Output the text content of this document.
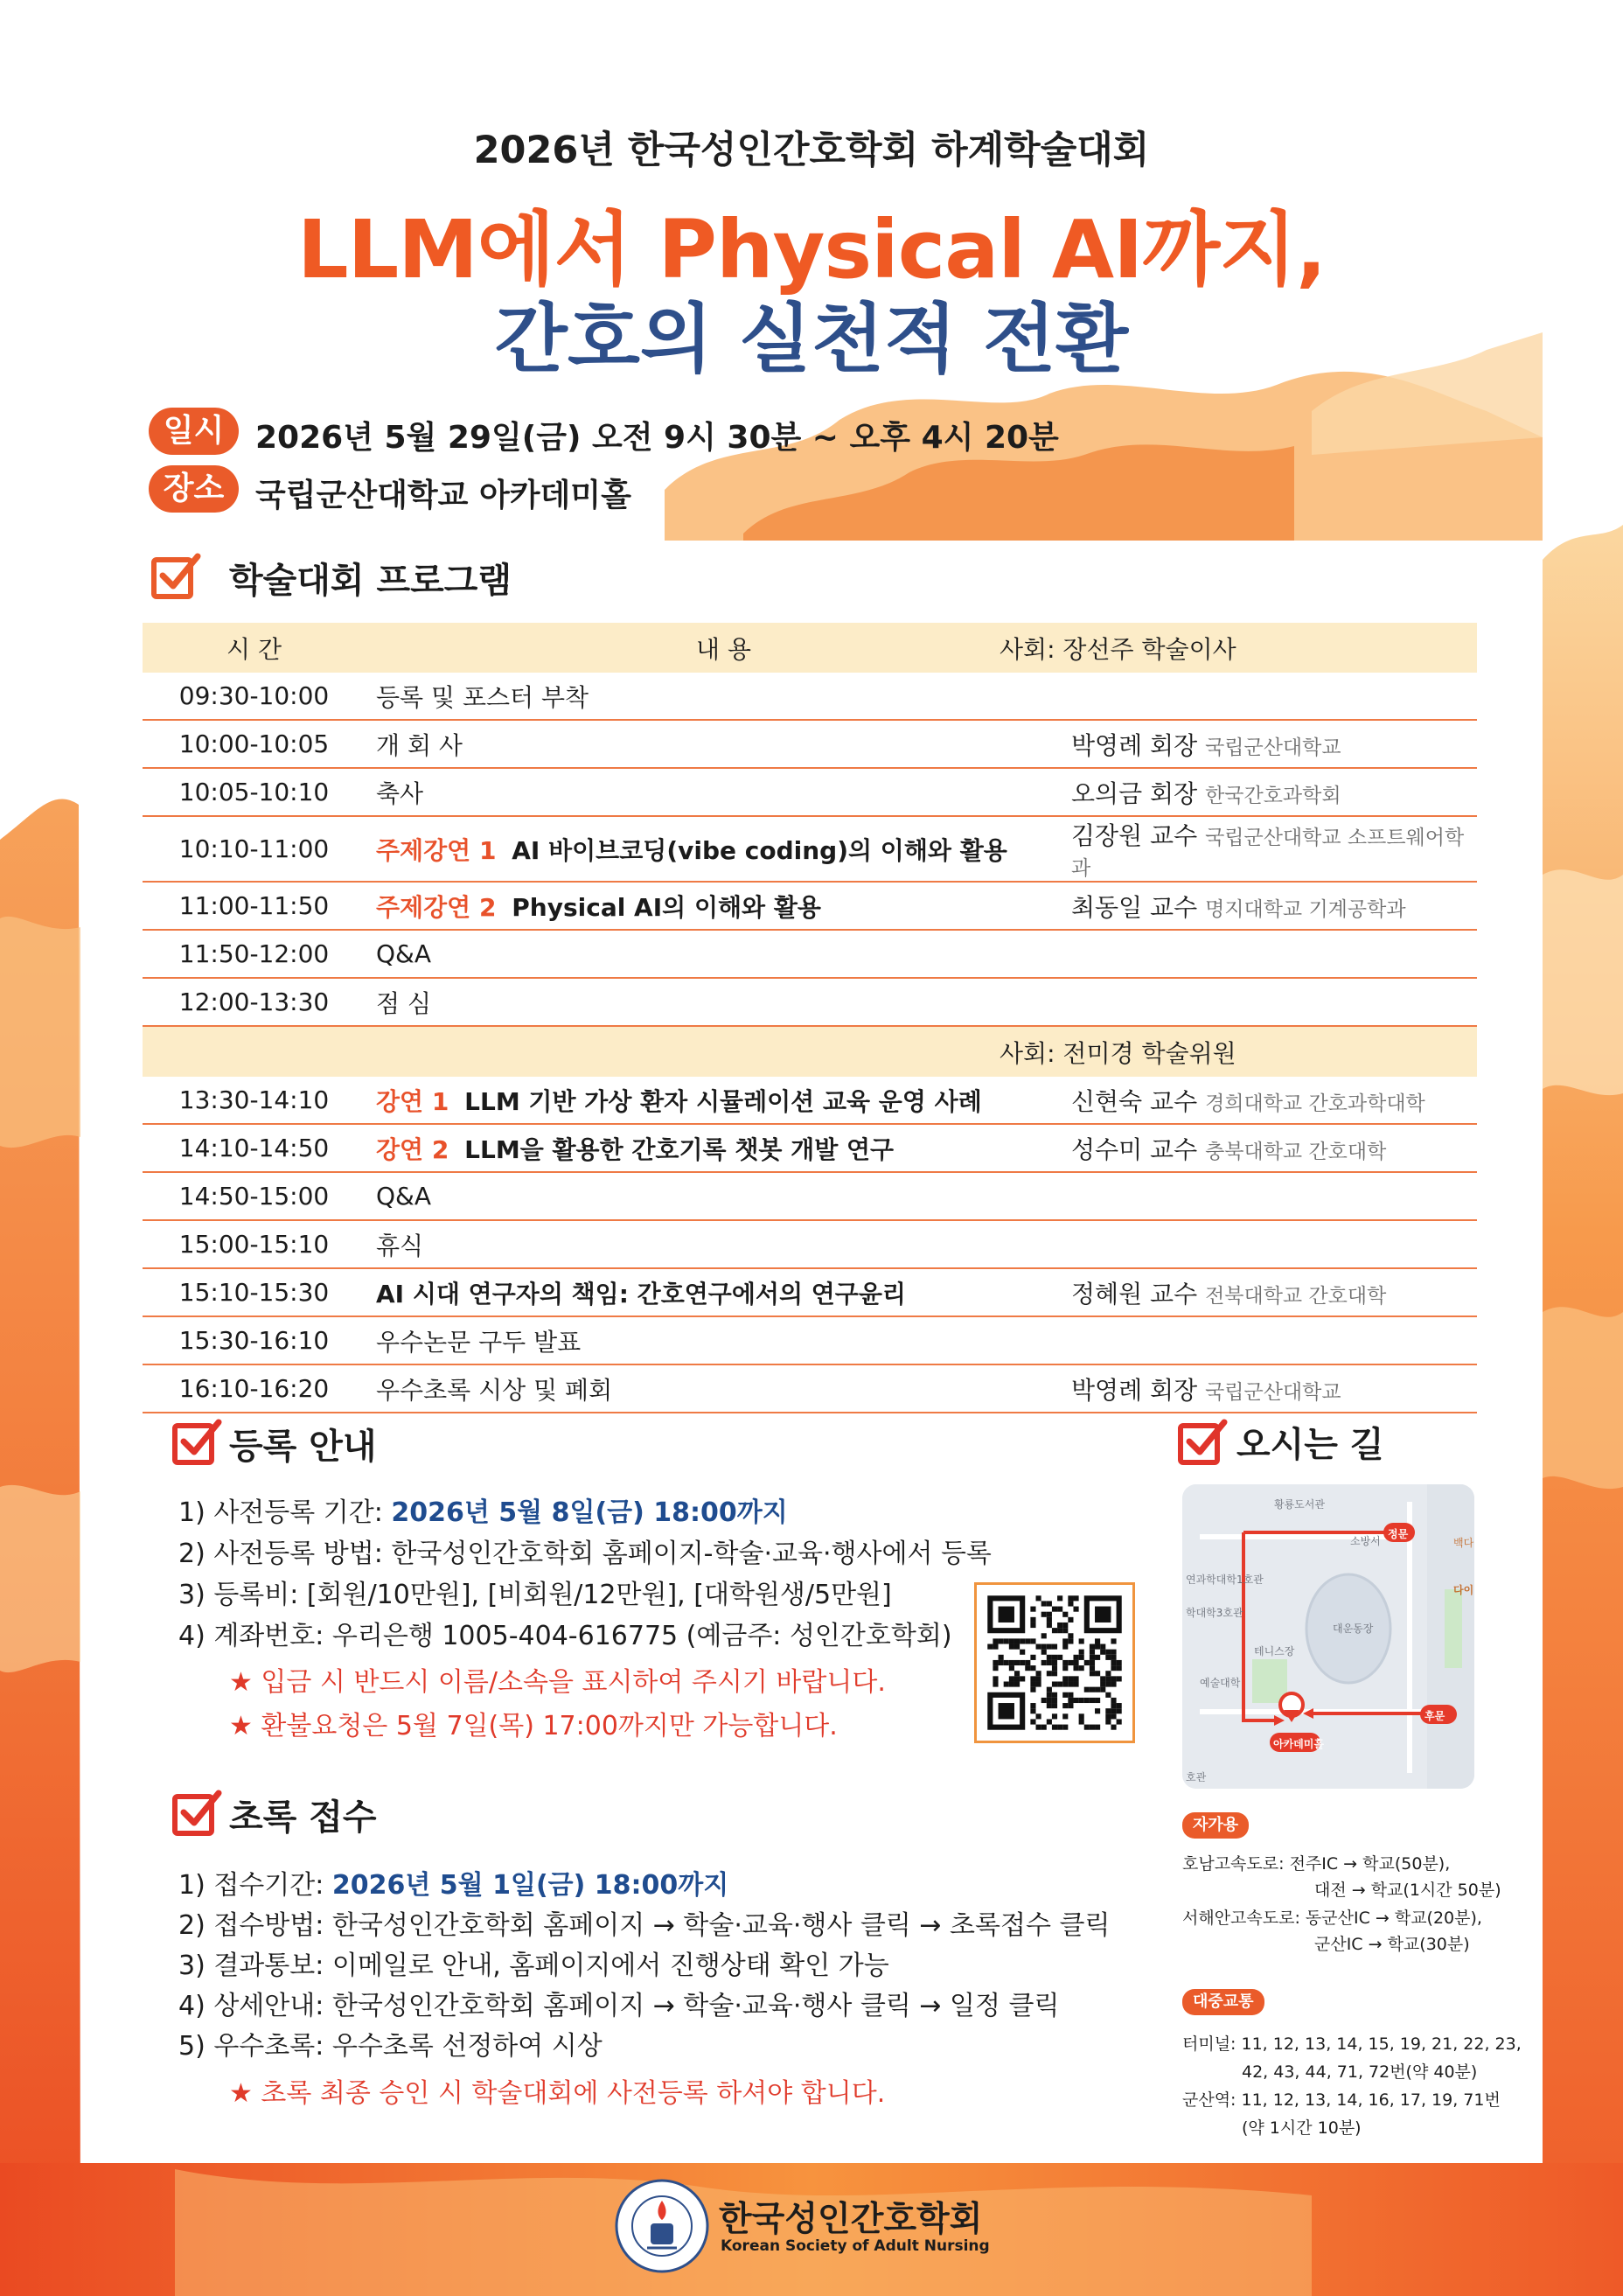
2026년 한국성인간호학회 하계학술대회
LLM에서 Physical AI까지,
간호의 실천적 전환
일시 2026년 5월 29일(금) 오전 9시 30분 ~ 오후 4시 20분
장소 국립군산대학교 아카데미홀
학술대회 프로그램
시 간	내 용	사회: 장선주 학술이사
09:30-10:00	등록 및 포스터 부착	
10:00-10:05	개 회 사	박영례 회장 국립군산대학교
10:05-10:10	축사	오의금 회장 한국간호과학회
10:10-11:00	주제강연 1 AI 바이브코딩(vibe coding)의 이해와 활용	김장원 교수 국립군산대학교 소프트웨어학과
11:00-11:50	주제강연 2 Physical AI의 이해와 활용	최동일 교수 명지대학교 기계공학과
11:50-12:00	Q&A	
12:00-13:30	점 심	
		사회: 전미경 학술위원
13:30-14:10	강연 1 LLM 기반 가상 환자 시뮬레이션 교육 운영 사례	신현숙 교수 경희대학교 간호과학대학
14:10-14:50	강연 2 LLM을 활용한 간호기록 챗봇 개발 연구	성수미 교수 충북대학교 간호대학
14:50-15:00	Q&A	
15:00-15:10	휴식	
15:10-15:30	AI 시대 연구자의 책임: 간호연구에서의 연구윤리	정혜원 교수 전북대학교 간호대학
15:30-16:10	우수논문 구두 발표	
16:10-16:20	우수초록 시상 및 폐회	박영례 회장 국립군산대학교
등록 안내
1) 사전등록 기간: 2026년 5월 8일(금) 18:00까지
2) 사전등록 방법: 한국성인간호학회 홈페이지-학술·교육·행사에서 등록
3) 등록비: [회원/10만원], [비회원/12만원], [대학원생/5만원]
4) 계좌번호: 우리은행 1005-404-616775 (예금주: 성인간호학회)
★ 입금 시 반드시 이름/소속을 표시하여 주시기 바랍니다.
★ 환불요청은 5월 7일(목) 17:00까지만 가능합니다.
초록 접수
1) 접수기간: 2026년 5월 1일(금) 18:00까지
2) 접수방법: 한국성인간호학회 홈페이지 → 학술·교육·행사 클릭 → 초록접수 클릭
3) 결과통보: 이메일로 안내, 홈페이지에서 진행상태 확인 가능
4) 상세안내: 한국성인간호학회 홈페이지 → 학술·교육·행사 클릭 → 일정 클릭
5) 우수초록: 우수초록 선정하여 시상
★ 초록 최종 승인 시 학술대회에 사전등록 하셔야 합니다.
오시는 길
황룡도서관
소방서
정문
백다
연과학대학1호관
다이
학대학3호관
대운동장
테니스장
예술대학
후문
아카데미홀
호관
자가용
호남고속도로: 전주IC → 학교(50분),
대전 → 학교(1시간 50분)
서해안고속도로: 동군산IC → 학교(20분),
군산IC → 학교(30분)
대중교통
터미널: 11, 12, 13, 14, 15, 19, 21, 22, 23,
42, 43, 44, 71, 72번(약 40분)
군산역: 11, 12, 13, 14, 16, 17, 19, 71번
(약 1시간 10분)
한국성인간호학회
Korean Society of Adult Nursing
